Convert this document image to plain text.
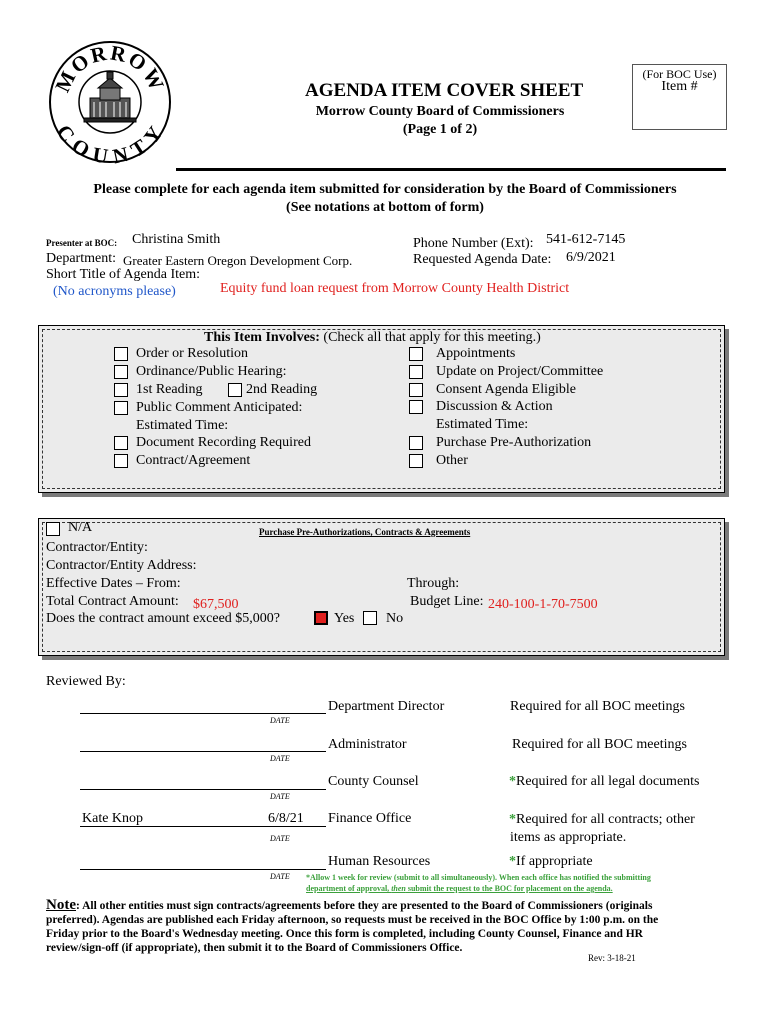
MORROW
COUNTY
(For BOC Use)
Item #
AGENDA ITEM COVER SHEET
Morrow County Board of Commissioners
(Page 1 of 2)
Please complete for each agenda item submitted for consideration by the Board of Commissioners
(See notations at bottom of form)
Presenter at BOC: Christina Smith	Phone Number (Ext): 541-612-7145
Department: Greater Eastern Oregon Development Corp.	Requested Agenda Date: 6/9/2021
Short Title of Agenda Item:
(No acronyms please)	Equity fund loan request from Morrow County Health District
This Item Involves: (Check all that apply for this meeting.)
Order or Resolution
Ordinance/Public Hearing:
1st Reading	2nd Reading
Public Comment Anticipated:
Estimated Time:
Document Recording Required
Contract/Agreement
Appointments
Update on Project/Committee
Consent Agenda Eligible
Discussion & Action
Estimated Time:
Purchase Pre-Authorization
Other
N/A	Purchase Pre-Authorizations, Contracts & Agreements
Contractor/Entity:
Contractor/Entity Address:
Effective Dates – From:	Through:
Total Contract Amount: $67,500	Budget Line: 240-100-1-70-7500
Does the contract amount exceed $5,000?	Yes No
Reviewed By:
Department Director	Required for all BOC meetings
DATE
Administrator	Required for all BOC meetings
DATE
County Counsel	*Required for all legal documents
DATE
Kate Knop	6/8/21 Finance Office	*Required for all contracts; other
items as appropriate.
DATE
Human Resources	*If appropriate
DATE *Allow 1 week for review (submit to all simultaneously). When each office has notified the submitting
department of approval, then submit the request to the BOC for placement on the agenda.
Note: All other entities must sign contracts/agreements before they are presented to the Board of Commissioners (originals
preferred). Agendas are published each Friday afternoon, so requests must be received in the BOC Office by 1:00 p.m. on the
Friday prior to the Board's Wednesday meeting. Once this form is completed, including County Counsel, Finance and HR
review/sign-off (if appropriate), then submit it to the Board of Commissioners Office.
Rev: 3-18-21
